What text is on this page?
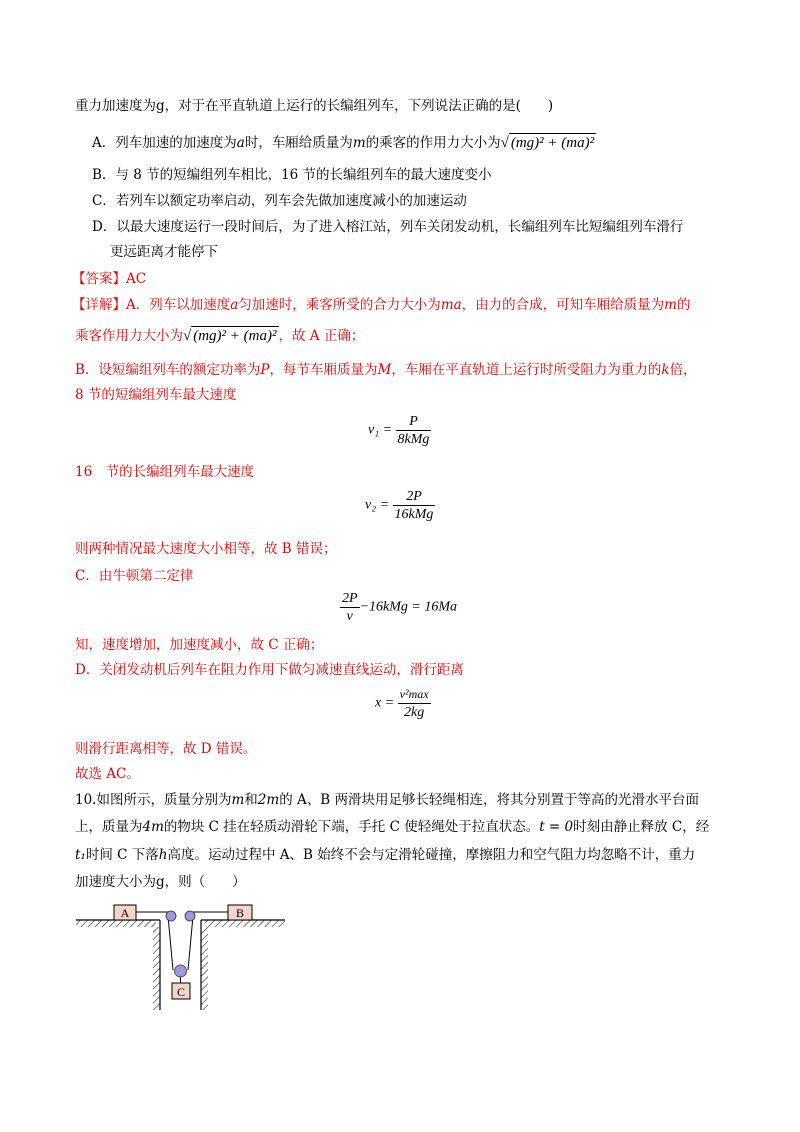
重力加速度为g，对于在平直轨道上运行的长编组列车，下列说法正确的是(　　)
A．列车加速的加速度为a时，车厢给质量为m的乘客的作用力大小为√ (mg)² + (ma)²
B．与 8 节的短编组列车相比，16 节的长编组列车的最大速度变小
C．若列车以额定功率启动，列车会先做加速度减小的加速运动
D．以最大速度运行一段时间后，为了进入榕江站，列车关闭发动机，长编组列车比短编组列车滑行
更远距离才能停下
【答案】AC
【详解】A．列车以加速度a匀加速时，乘客所受的合力大小为ma，由力的合成，可知车厢给质量为m的
乘客作用力大小为√ (mg)² + (ma)² ，故 A 正确；
B．设短编组列车的额定功率为P，每节车厢质量为M，车厢在平直轨道上运行时所受阻力为重力的k倍，
8 节的短编组列车最大速度
$v_1 = \frac{P}{\text{8kMg}}$
16　节的长编组列车最大速度
$v_2 = \frac{2P}{\text{16kMg}}$
则两种情况最大速度大小相等，故 B 错误；
C．由牛顿第二定律
$\frac{2P}{v} -16kMg = 16Ma$
知，速度增加，加速度减小，故 C 正确；
D．关闭发动机后列车在阻力作用下做匀减速直线运动，滑行距离
$x = \frac{\text{v²max}}{2kg}$
则滑行距离相等，故 D 错误。
故选 AC。
10.如图所示，质量分别为m和2m的 A、B 两滑块用足够长轻绳相连，将其分别置于等高的光滑水平台面
上，质量为4m的物块 C 挂在轻质动滑轮下端，手托 C 使轻绳处于拉直状态。t = 0时刻由静止释放 C，经
t₁时间 C 下落h高度。运动过程中 A、B 始终不会与定滑轮碰撞，摩擦阻力和空气阻力均忽略不计，重力
加速度大小为g，则（　　）
A	B
C
